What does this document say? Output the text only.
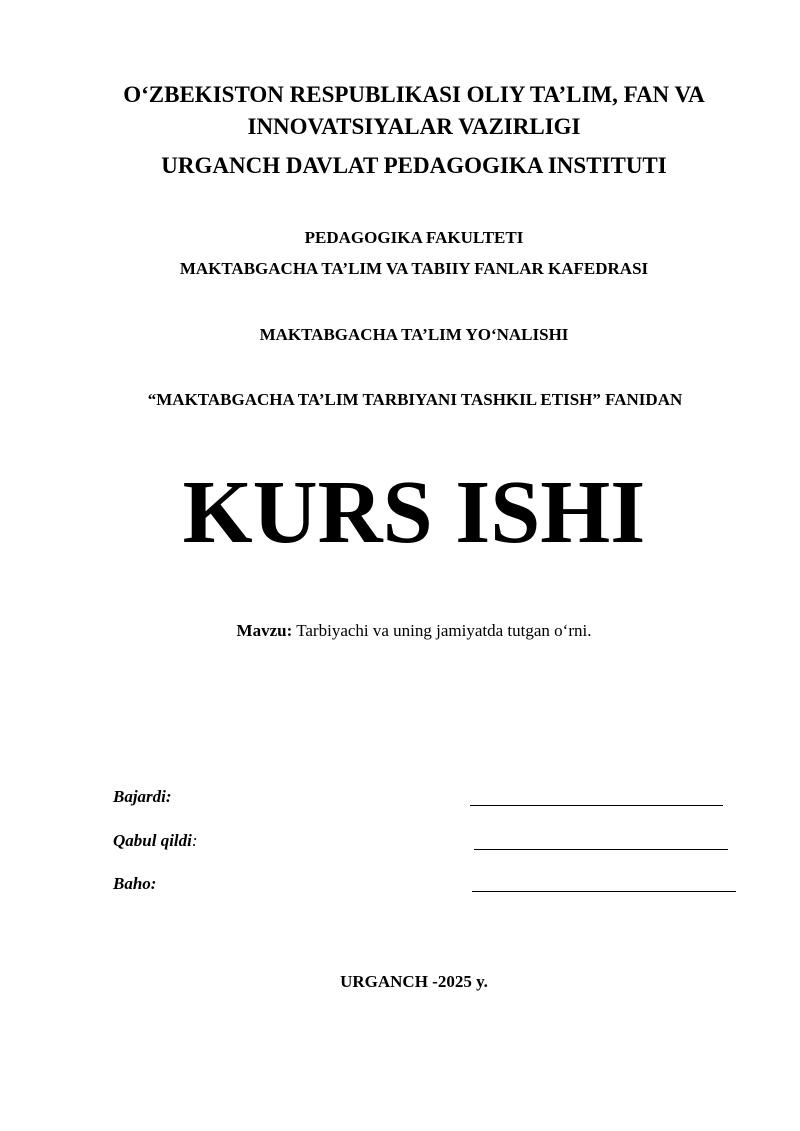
O‘ZBEKISTON RESPUBLIKASI OLIY TA’LIM, FAN VA
INNOVATSIYALAR VAZIRLIGI
URGANCH DAVLAT PEDAGOGIKA INSTITUTI
PEDAGOGIKA FAKULTETI
MAKTABGACHA TA’LIM VA TABIIY FANLAR KAFEDRASI
MAKTABGACHA TA’LIM YO‘NALISHI
“MAKTABGACHA TA’LIM TARBIYANI TASHKIL ETISH” FANIDAN
KURS ISHI
Mavzu: Tarbiyachi va uning jamiyatda tutgan o‘rni.
Bajardi:
Qabul qildi:
Baho:
URGANCH -2025 y.
